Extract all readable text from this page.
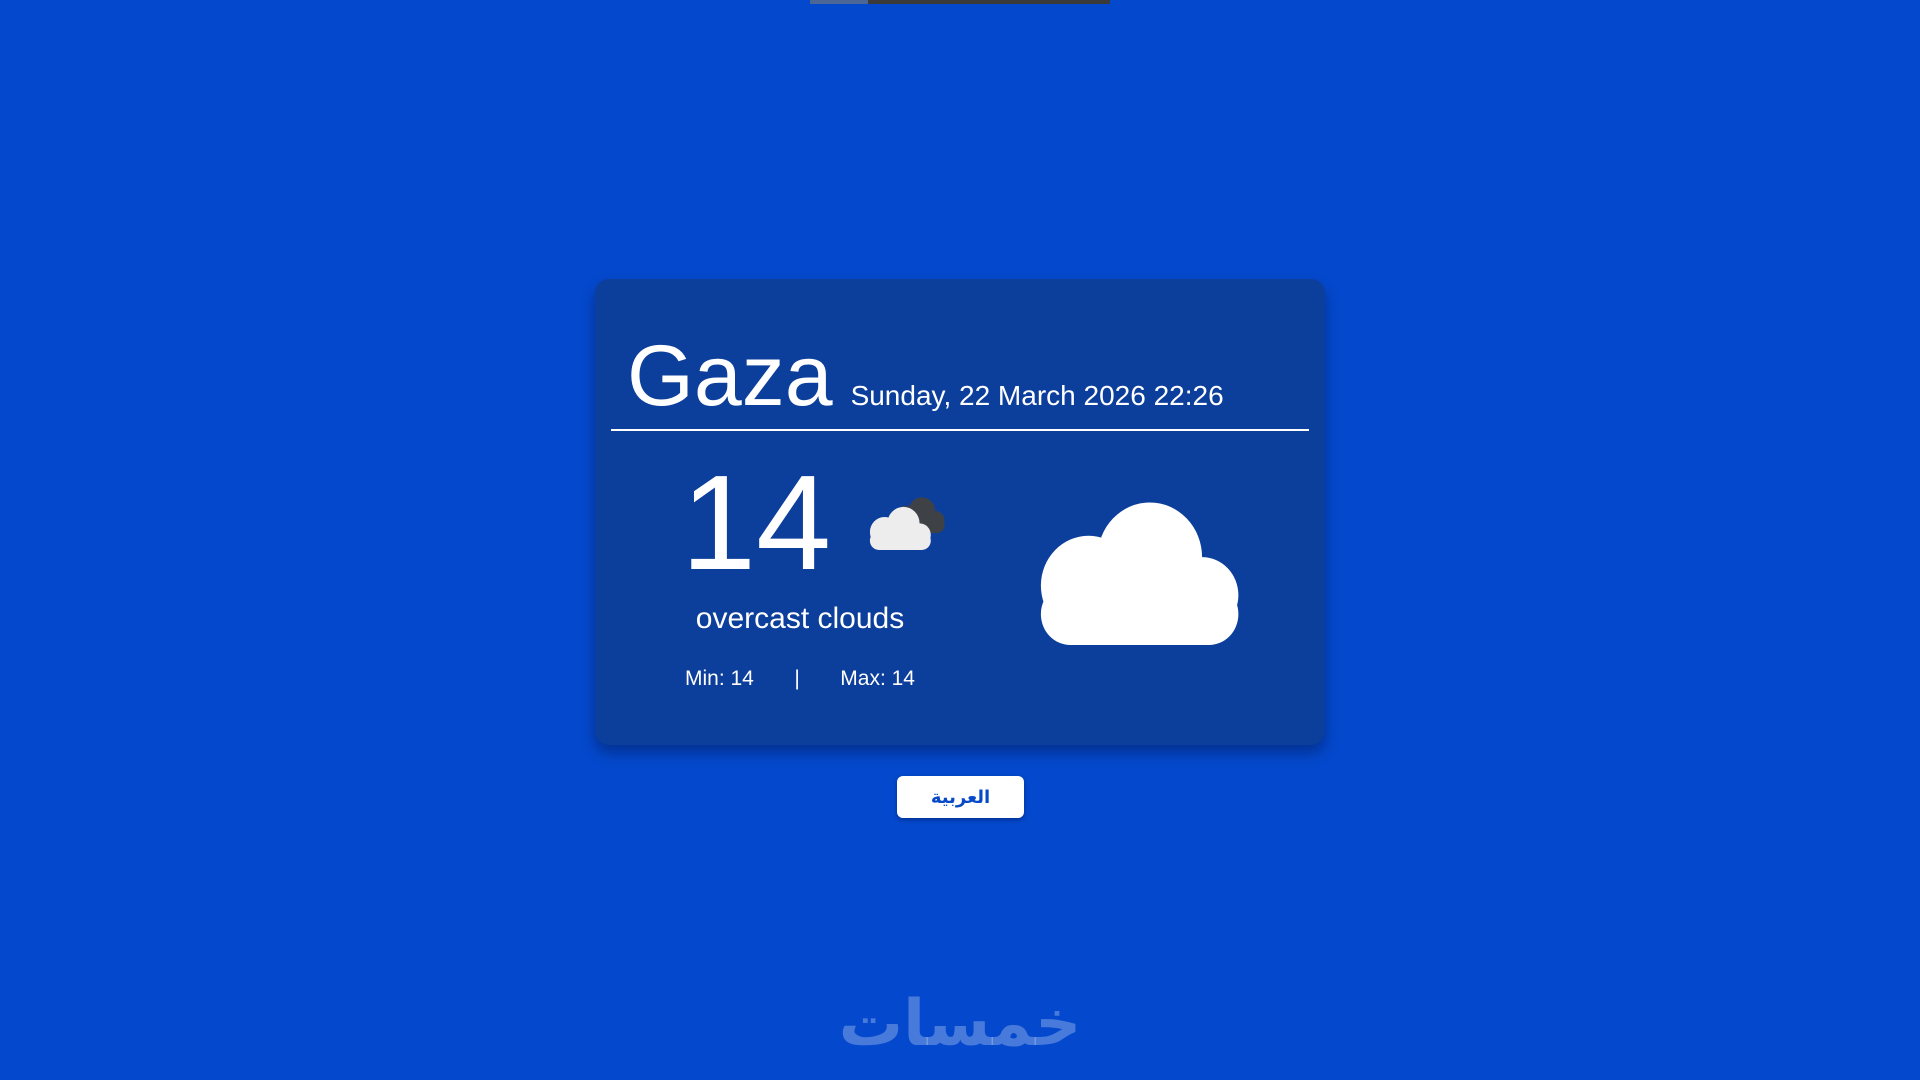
Gaza Sunday, 22 March 2026 22:26
14
overcast clouds
Min: 14 | Max: 14
العربية
خمسات
